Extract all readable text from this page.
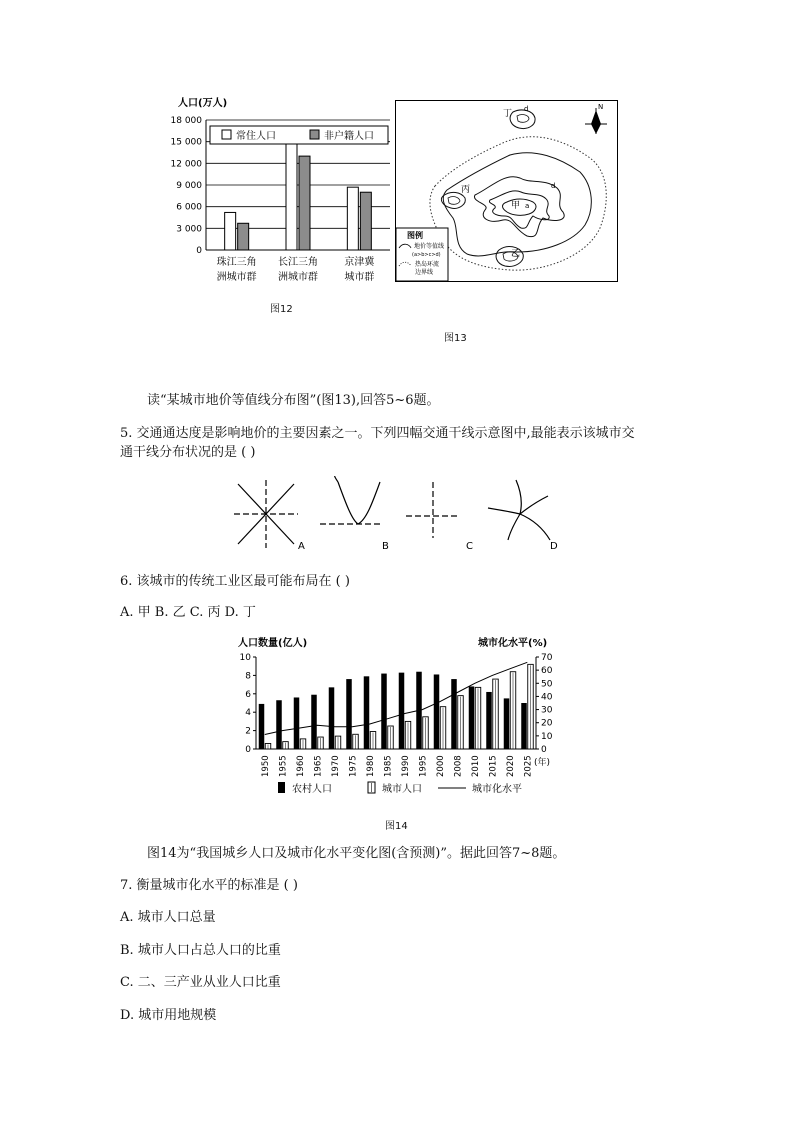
人口(万人)
18 000
15 000
12 000
9 000
6 000
3 000
0
珠江三角
洲城市群
长江三角
洲城市群
京津冀
城市群
常住人口	非户籍人口
图12
丁 d
丙
甲 a
d
乙
N
图例
地价等值线
(a>b>c>d)
热岛环流
边界线
图13
读“某城市地价等值线分布图”(图13),回答5~6题。
5. 交通通达度是影响地价的主要因素之一。下列四幅交通干线示意图中,最能表示该城市交
通干线分布状况的是 ( )
A	B	C	D
6. 该城市的传统工业区最可能布局在 ( )
A. 甲 B. 乙 C. 丙 D. 丁
人口数量(亿人)	城市化水平(%)
10
8
6
4
2
0
70
60
50
40
30
20
10
0
1950 1955 1960 1965 1970 1975 1980 1985 1990 1995 2000 2008 2010 2015 2020 2025 (年)
农村人口	城市人口	城市化水平
图14
图14为“我国城乡人口及城市化水平变化图(含预测)”。据此回答7~8题。
7. 衡量城市化水平的标准是 ( )
A. 城市人口总量
B. 城市人口占总人口的比重
C. 二、三产业从业人口比重
D. 城市用地规模
